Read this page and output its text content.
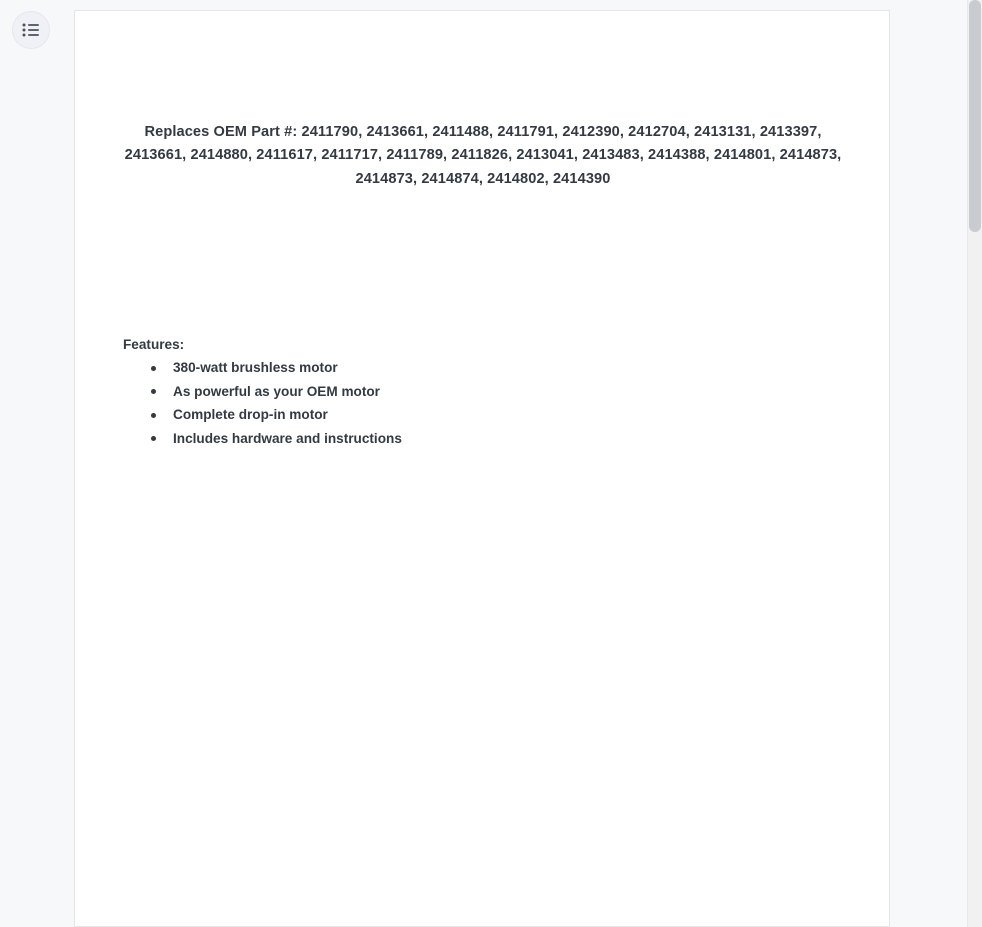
Replaces OEM Part #: 2411790, 2413661, 2411488, 2411791, 2412390, 2412704, 2413131, 2413397, 2413661, 2414880, 2411617, 2411717, 2411789, 2411826, 2413041, 2413483, 2414388, 2414801, 2414873, 2414873, 2414874, 2414802, 2414390

Features:

380-watt brushless motor
As powerful as your OEM motor
Complete drop-in motor
Includes hardware and instructions
